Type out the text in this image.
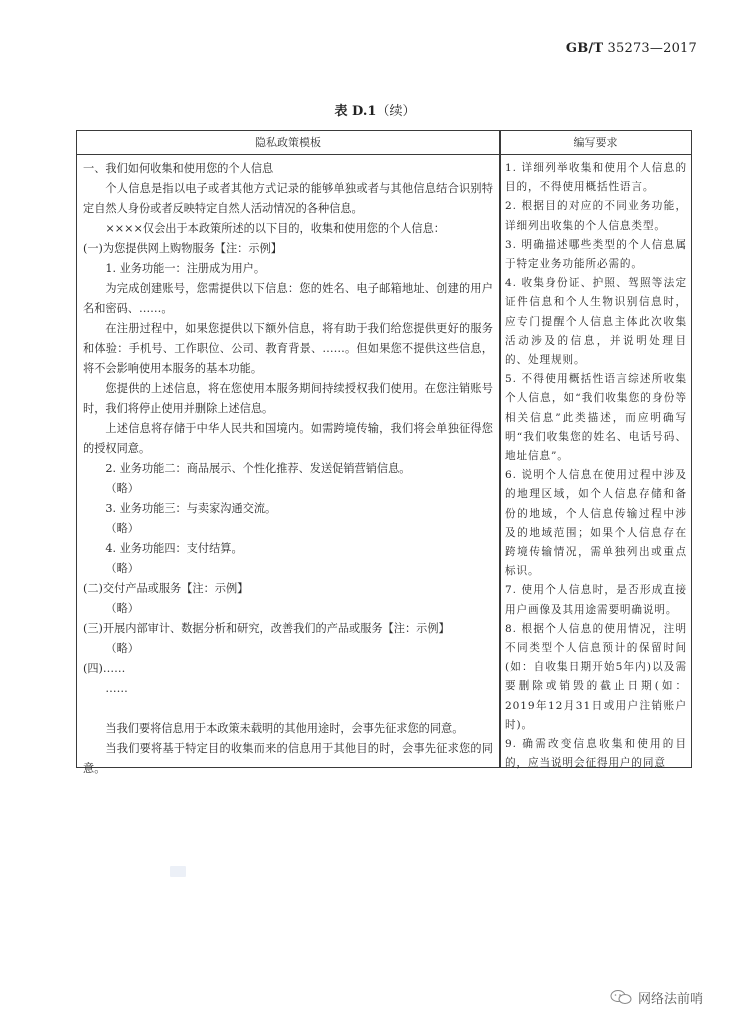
GB/T 35273—2017
表 D.1（续）
隐私政策模板	编写要求

一、我们如何收集和使用您的个人信息

个人信息是指以电子或者其他方式记录的能够单独或者与其他信息结合识别特定自然人身份或者反映特定自然人活动情况的各种信息。

××××仅会出于本政策所述的以下目的，收集和使用您的个人信息：

(一)为您提供网上购物服务【注：示例】

1. 业务功能一：注册成为用户。

为完成创建账号，您需提供以下信息：您的姓名、电子邮箱地址、创建的用户名和密码、……。

在注册过程中，如果您提供以下额外信息，将有助于我们给您提供更好的服务和体验：手机号、工作职位、公司、教育背景、……。但如果您不提供这些信息，将不会影响使用本服务的基本功能。

您提供的上述信息，将在您使用本服务期间持续授权我们使用。在您注销账号时，我们将停止使用并删除上述信息。

上述信息将存储于中华人民共和国境内。如需跨境传输，我们将会单独征得您的授权同意。

2. 业务功能二：商品展示、个性化推荐、发送促销营销信息。

（略）

3. 业务功能三：与卖家沟通交流。

（略）

4. 业务功能四：支付结算。

（略）

(二)交付产品或服务【注：示例】

（略）

(三)开展内部审计、数据分析和研究，改善我们的产品或服务【注：示例】

（略）

(四)……

……

当我们要将信息用于本政策未载明的其他用途时，会事先征求您的同意。

当我们要将基于特定目的收集而来的信息用于其他目的时，会事先征求您的同意。

1. 详细列举收集和使用个人信息的目的，不得使用概括性语言。

2. 根据目的对应的不同业务功能，详细列出收集的个人信息类型。

3. 明确描述哪些类型的个人信息属于特定业务功能所必需的。

4. 收集身份证、护照、驾照等法定证件信息和个人生物识别信息时，应专门提醒个人信息主体此次收集活动涉及的信息，并说明处理目的、处理规则。

5. 不得使用概括性语言综述所收集个人信息，如“我们收集您的身份等相关信息”此类描述，而应明确写明“我们收集您的姓名、电话号码、地址信息”。

6. 说明个人信息在使用过程中涉及的地理区域，如个人信息存储和备份的地域，个人信息传输过程中涉及的地域范围；如果个人信息存在跨境传输情况，需单独列出或重点标识。

7. 使用个人信息时，是否形成直接用户画像及其用途需要明确说明。

8. 根据个人信息的使用情况，注明不同类型个人信息预计的保留时间(如：自收集日期开始5年内)以及需要删除或销毁的截止日期(如：2019年12月31日或用户注销账户时)。

9. 确需改变信息收集和使用的目的，应当说明会征得用户的同意

网络法前哨
